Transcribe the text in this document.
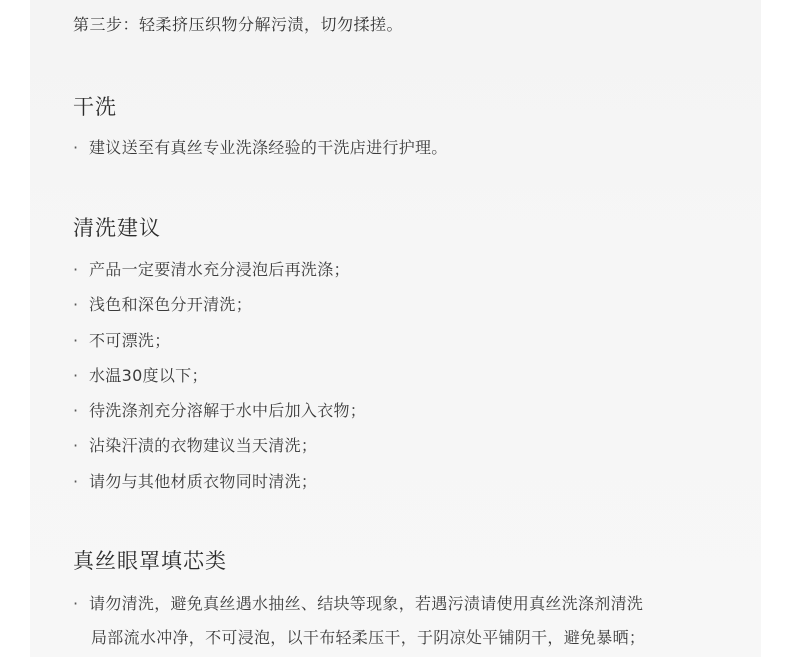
第三步：轻柔挤压织物分解污渍，切勿揉搓。
干洗
· 建议送至有真丝专业洗涤经验的干洗店进行护理。
清洗建议
· 产品一定要清水充分浸泡后再洗涤；
· 浅色和深色分开清洗；
· 不可漂洗；
· 水温30度以下；
· 待洗涤剂充分溶解于水中后加入衣物；
· 沾染汗渍的衣物建议当天清洗；
· 请勿与其他材质衣物同时清洗；
真丝眼罩填芯类
· 请勿清洗，避免真丝遇水抽丝、结块等现象，若遇污渍请使用真丝洗涤剂清洗
局部流水冲净，不可浸泡，以干布轻柔压干，于阴凉处平铺阴干，避免暴晒；
